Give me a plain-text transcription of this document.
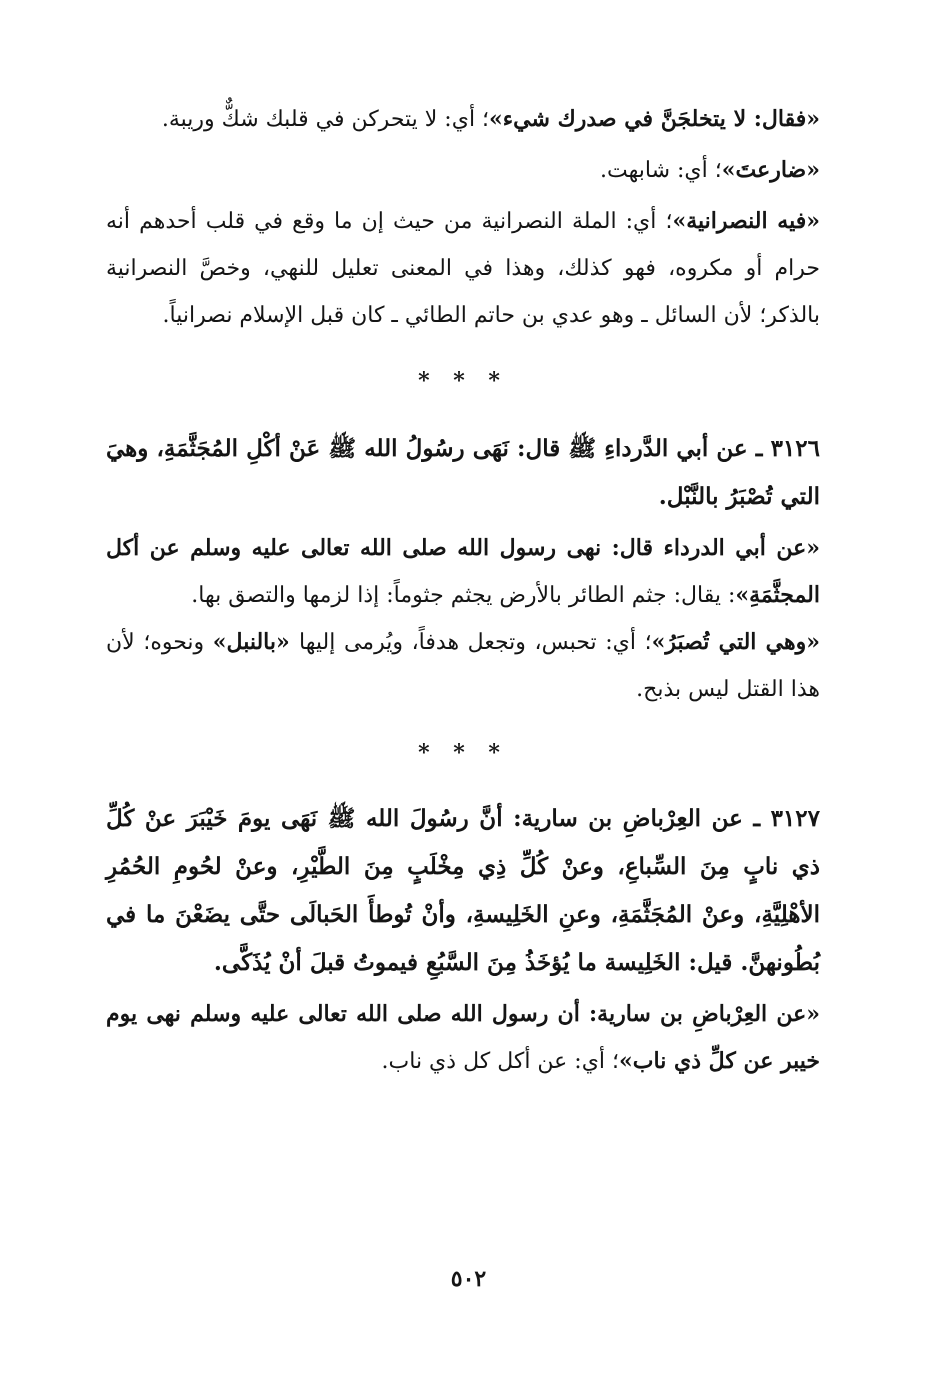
«فقال: لا يتخلجَنَّ في صدرك شيء»؛ أي: لا يتحركن في قلبك شكٌّ وريبة.

«ضارعتَ»؛ أي: شابهت.

«فيه النصرانية»؛ أي: الملة النصرانية من حيث إن ما وقع في قلب أحدهم أنه حرام أو مكروه، فهو كذلك، وهذا في المعنى تعليل للنهي، وخصَّ النصرانية بالذكر؛ لأن السائل ـ وهو عدي بن حاتم الطائي ـ كان قبل الإسلام نصرانياً.

* * *

٣١٢٦ ـ عن أبي الدَّرداءِ ﷺ قال: نَهَى رسُولُ الله ﷺ عَنْ أكْلِ المُجَثَّمَةِ، وهيَ التي تُصْبَرُ بالنَّبْل.

«عن أبي الدرداء قال: نهى رسول الله صلى الله تعالى عليه وسلم عن أكل المجثَّمَةِ»: يقال: جثم الطائر بالأرض يجثم جثوماً: إذا لزمها والتصق بها.

«وهي التي تُصبَرُ»؛ أي: تحبس، وتجعل هدفاً، ويُرمى إليها «بالنبل» ونحوه؛ لأن هذا القتل ليس بذبح.

* * *

٣١٢٧ ـ عن العِرْباضِ بن سارية: أنَّ رسُولَ الله ﷺ نَهَى يومَ خَيْبَرَ عنْ كُلِّ ذي نابٍ مِنَ السِّباعِ، وعنْ كُلِّ ذِي مِخْلَبٍ مِنَ الطَّيْرِ، وعنْ لحُومِ الحُمُرِ الأهْلِيَّةِ، وعنْ المُجَثَّمَةِ، وعنِ الخَلِيسةِ، وأنْ تُوطأَ الحَبالَى حتَّى يضَعْنَ ما في بُطُونهنَّ. قيل: الخَلِيسة ما يُؤخَذُ مِنَ السَّبُعِ فيموتُ قبلَ أنْ يُذَكَّى.

«عن العِرْباضِ بن سارية: أن رسول الله صلى الله تعالى عليه وسلم نهى يوم خيبر عن كلِّ ذي ناب»؛ أي: عن أكل كل ذي ناب.

٥٠٢
